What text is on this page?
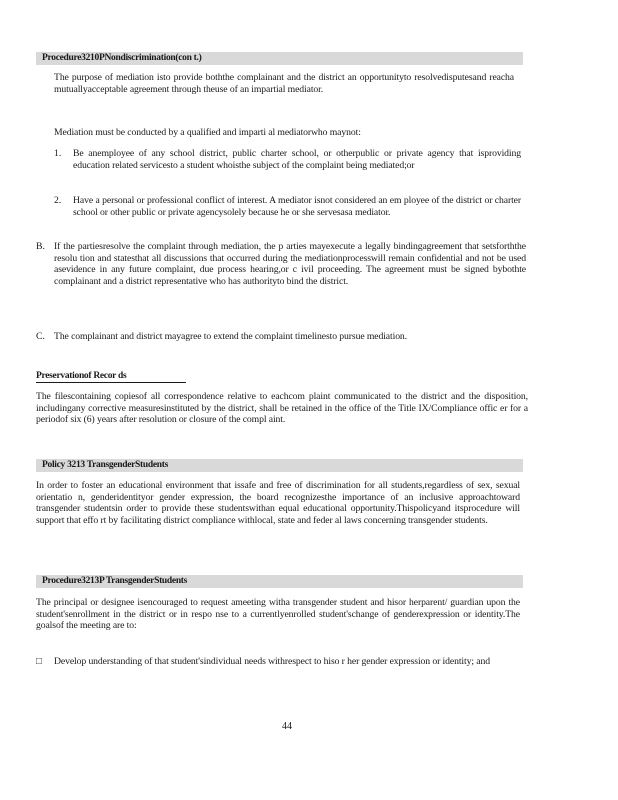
Procedure3210PNondiscrimination(con t.)
The purpose of mediation isto provide boththe complainant and the district an opportunityto resolvedisputesand reacha mutuallyacceptable agreement through theuse of an impartial mediator.
Mediation must be conducted by a qualified and imparti al mediatorwho maynot:
1. Be anemployee of any school district, public charter school, or otherpublic or private agency that isproviding education related servicesto a student whoisthe subject of the complaint being mediated;or
2. Have a personal or professional conflict of interest. A mediator isnot considered an em ployee of the district or charter school or other public or private agencysolely because he or she servesasa mediator.
B. If the partiesresolve the complaint through mediation, the p arties mayexecute a legally bindingagreement that setsforththe resolu tion and statesthat all discussions that occurred during the mediationprocesswill remain confidential and not be used asevidence in any future complaint, due process hearing,or c ivil proceeding. The agreement must be signed bybothte complainant and a district representative who has authorityto bind the district.
C. The complainant and district mayagree to extend the complaint timelinesto pursue mediation.
Preservationof Recor ds
The filescontaining copiesof all correspondence relative to eachcom plaint communicated to the district and the disposition, includingany corrective measuresinstituted by the district, shall be retained in the office of the Title IX/Compliance offic er for a periodof six (6) years after resolution or closure of the compl aint.
Policy 3213 TransgenderStudents
In order to foster an educational environment that issafe and free of discrimination for all students,regardless of sex, sexual orientatio n, genderidentityor gender expression, the board recognizesthe importance of an inclusive approachtoward transgender studentsin order to provide these studentswithan equal educational opportunity.Thispolicyand itsprocedure will support that effo rt by facilitating district compliance withlocal, state and feder al laws concerning transgender students.
Procedure3213P TransgenderStudents
The principal or designee isencouraged to request ameeting witha transgender student and hisor herparent/ guardian upon the student'senrollment in the district or in respo nse to a currentlyenrolled student'schange of genderexpression or identity.The goalsof the meeting are to:
□ Develop understanding of that student'sindividual needs withrespect to hiso r her gender expression or identity; and
44
